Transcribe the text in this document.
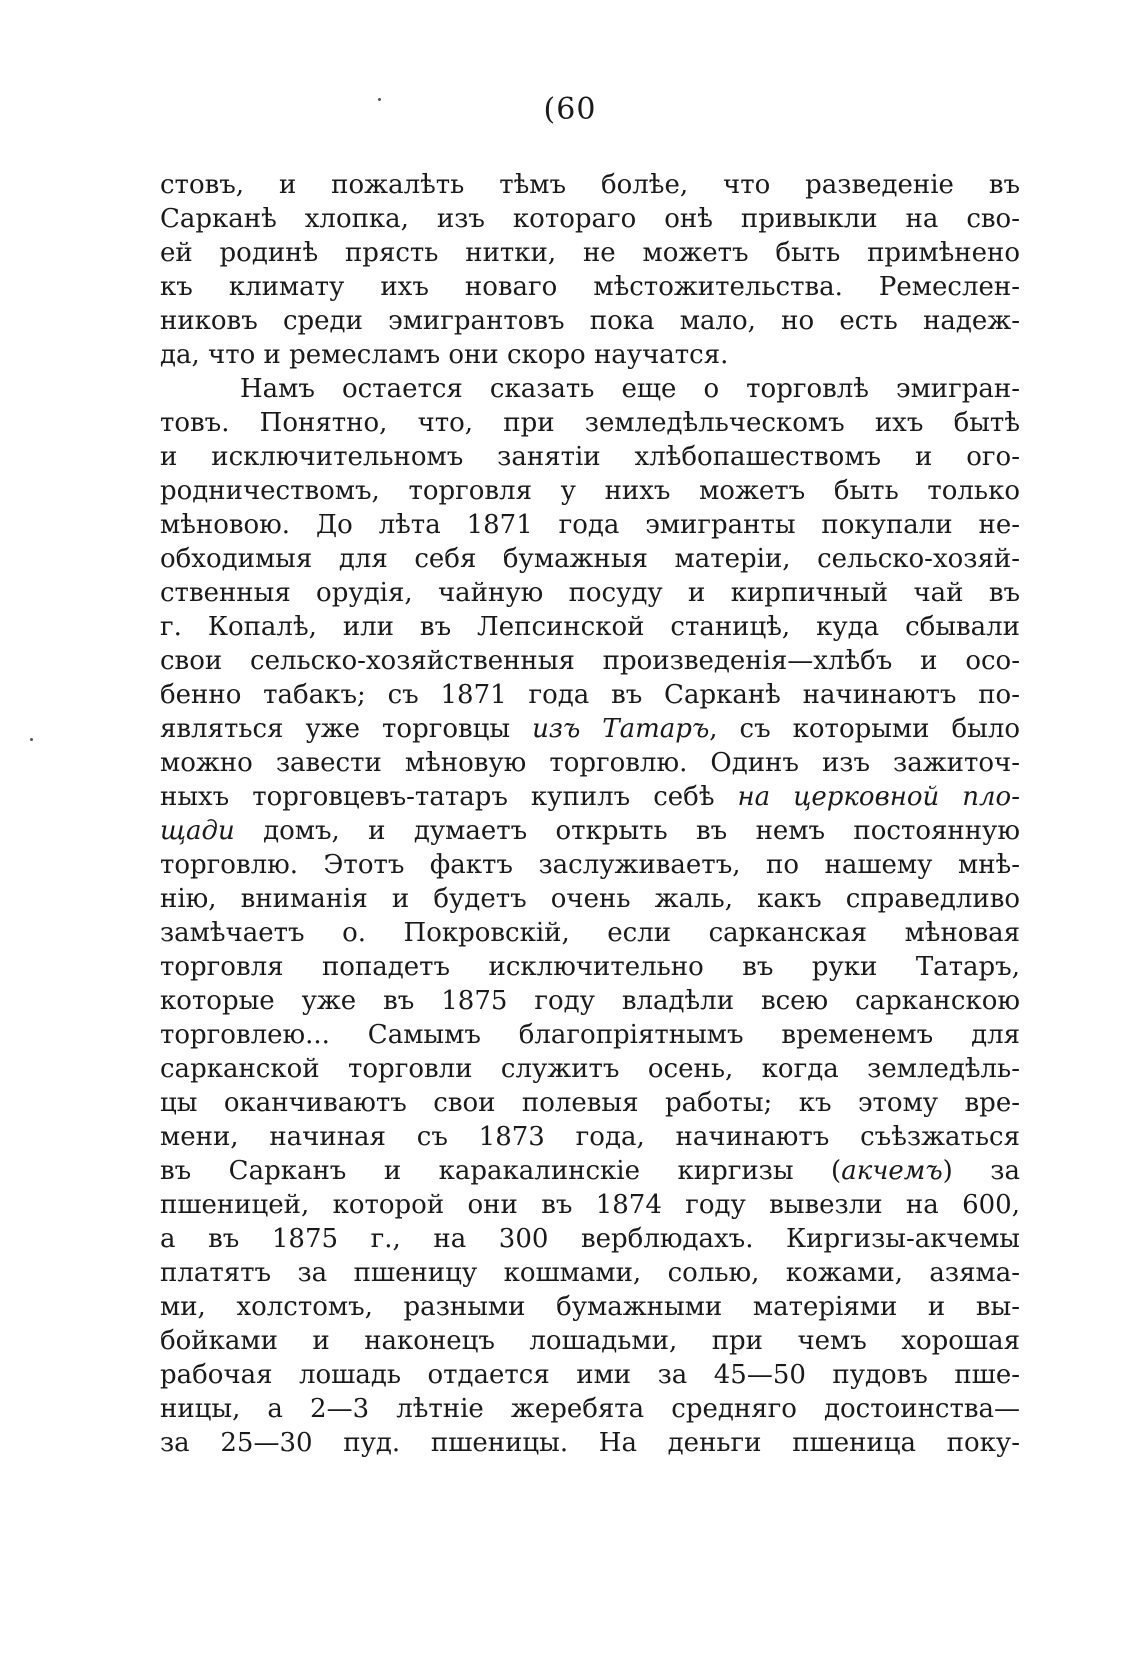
(60
стовъ, и пожалѣть тѣмъ болѣе, что разведеніе въ
Сарканѣ хлопка, изъ котораго онѣ привыкли на сво-
ей родинѣ прясть нитки, не можетъ быть примѣнено
къ климату ихъ новаго мѣстожительства. Ремеслен-
никовъ среди эмигрантовъ пока мало, но есть надеж-
да, что и ремесламъ они скоро научатся.
Намъ остается сказать еще о торговлѣ эмигран-
товъ. Понятно, что, при земледѣльческомъ ихъ бытѣ
и исключительномъ занятіи хлѣбопашествомъ и ого-
родничествомъ, торговля у нихъ можетъ быть только
мѣновою. До лѣта 1871 года эмигранты покупали не-
обходимыя для себя бумажныя матеріи, сельско-хозяй-
ственныя орудія, чайную посуду и кирпичный чай въ
г. Копалѣ, или въ Лепсинской станицѣ, куда сбывали
свои сельско-хозяйственныя произведенія—хлѣбъ и осо-
бенно табакъ; съ 1871 года въ Сарканѣ начинаютъ по-
являться уже торговцы изъ Татаръ, съ которыми было
можно завести мѣновую торговлю. Одинъ изъ зажиточ-
ныхъ торговцевъ-татаръ купилъ себѣ на церковной пло-
щади домъ, и думаетъ открыть въ немъ постоянную
торговлю. Этотъ фактъ заслуживаетъ, по нашему мнѣ-
нію, вниманія и будетъ очень жаль, какъ справедливо
замѣчаетъ о. Покровскій, если сарканская мѣновая
торговля попадетъ исключительно въ руки Татаръ,
которые уже въ 1875 году владѣли всею сарканскою
торговлею... Самымъ благопріятнымъ временемъ для
сарканской торговли служитъ осень, когда земледѣль-
цы оканчиваютъ свои полевыя работы; къ этому вре-
мени, начиная съ 1873 года, начинаютъ съѣзжаться
въ Сарканъ и каракалинскіе киргизы (акчемъ) за
пшеницей, которой они въ 1874 году вывезли на 600,
а въ 1875 г., на 300 верблюдахъ. Киргизы-акчемы
платятъ за пшеницу кошмами, солью, кожами, азяма-
ми, холстомъ, разными бумажными матеріями и вы-
бойками и наконецъ лошадьми, при чемъ хорошая
рабочая лошадь отдается ими за 45—50 пудовъ пше-
ницы, а 2—3 лѣтніе жеребята средняго достоинства—
за 25—30 пуд. пшеницы. На деньги пшеница поку-
